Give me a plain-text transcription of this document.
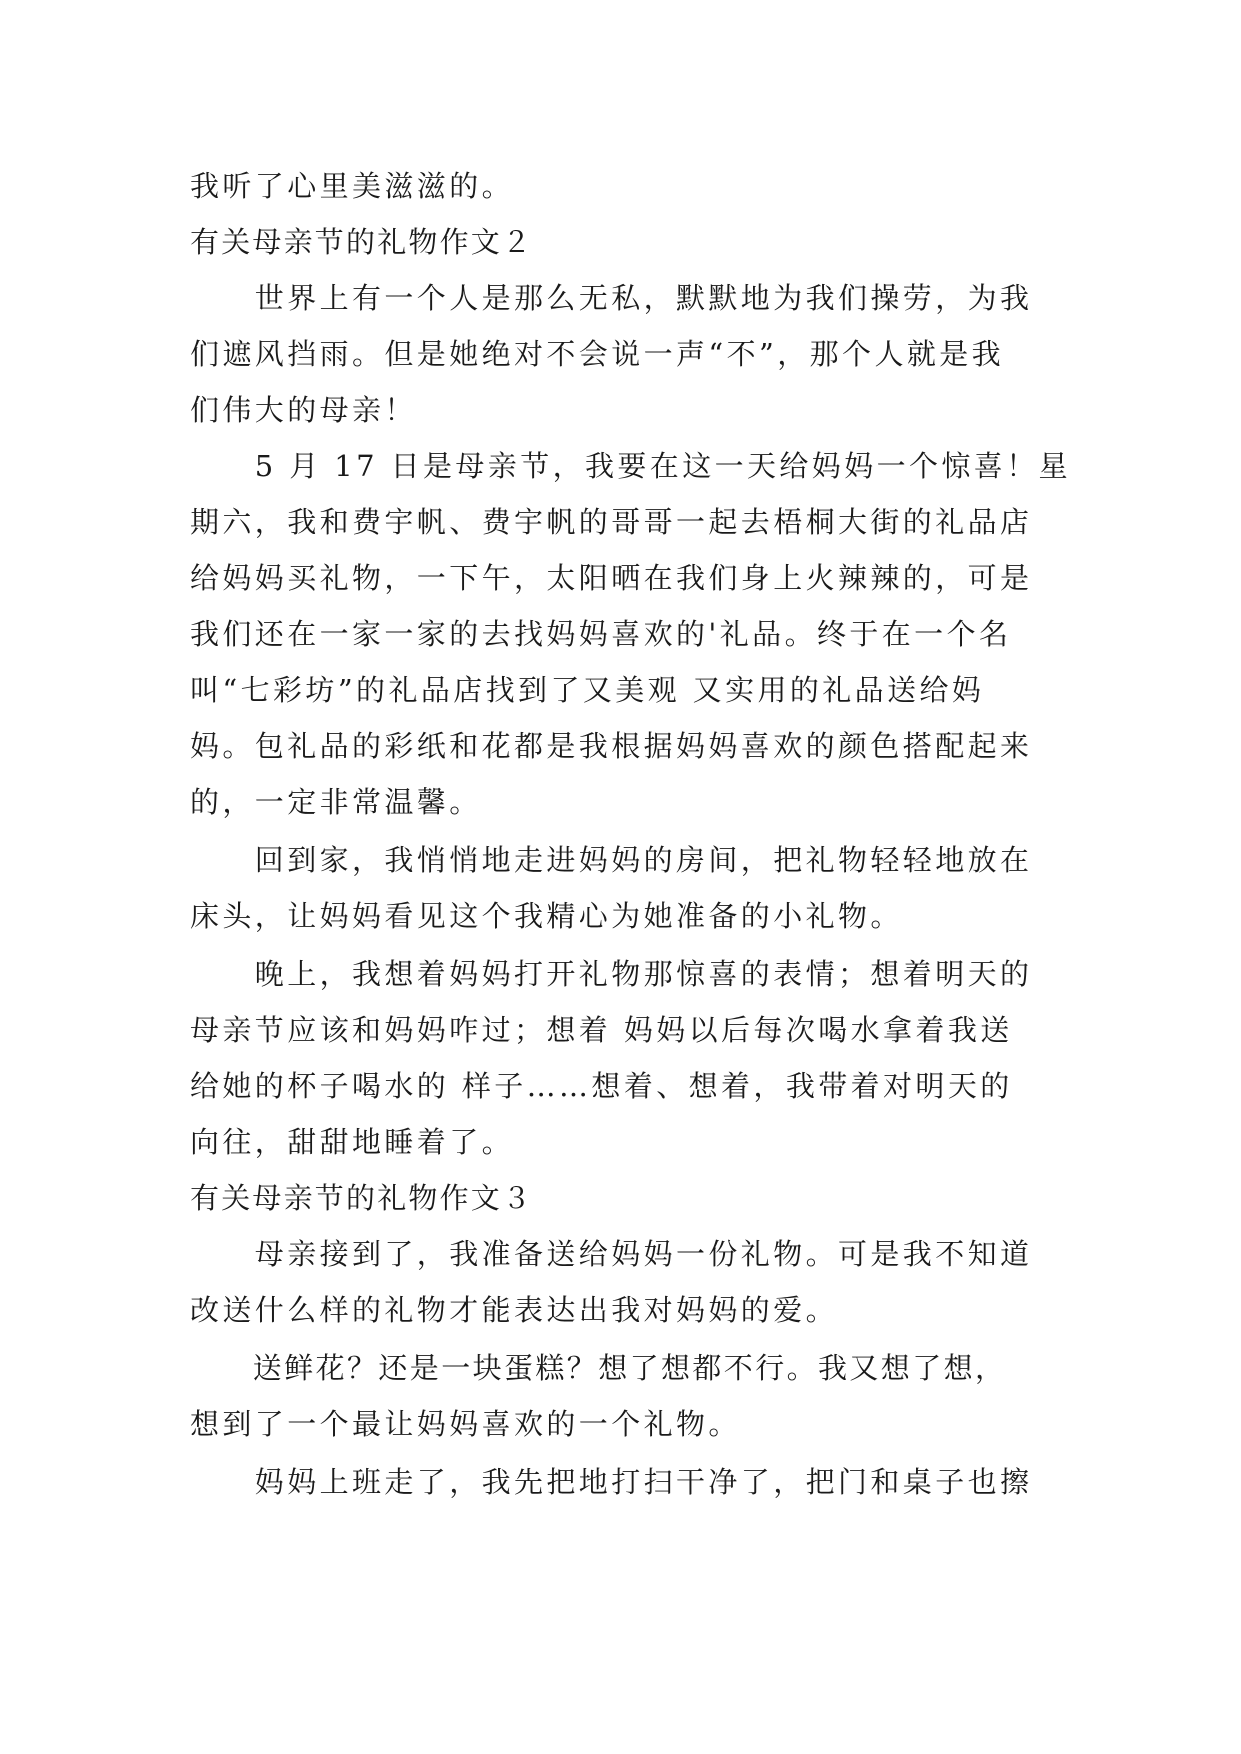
我听了心里美滋滋的。
有关母亲节的礼物作文２
　　世界上有一个人是那么无私，默默地为我们操劳，为我
们遮风挡雨。但是她绝对不会说一声“不”，那个人就是我
们伟大的母亲！
　　5 月 17 日是母亲节，我要在这一天给妈妈一个惊喜！星
期六，我和费宇帆、费宇帆的哥哥一起去梧桐大街的礼品店
给妈妈买礼物，一下午，太阳晒在我们身上火辣辣的，可是
我们还在一家一家的去找妈妈喜欢的'礼品。终于在一个名
叫“七彩坊”的礼品店找到了又美观 又实用的礼品送给妈
妈。包礼品的彩纸和花都是我根据妈妈喜欢的颜色搭配起来
的，一定非常温馨。
　　回到家，我悄悄地走进妈妈的房间，把礼物轻轻地放在
床头，让妈妈看见这个我精心为她准备的小礼物。
　　晚上，我想着妈妈打开礼物那惊喜的表情；想着明天的
母亲节应该和妈妈咋过；想着 妈妈以后每次喝水拿着我送
给她的杯子喝水的 样子……想着、想着，我带着对明天的
向往，甜甜地睡着了。
有关母亲节的礼物作文３
　　母亲接到了，我准备送给妈妈一份礼物。可是我不知道
改送什么样的礼物才能表达出我对妈妈的爱。
　　送鲜花？还是一块蛋糕？想了想都不行。我又想了想，
想到了一个最让妈妈喜欢的一个礼物。
　　妈妈上班走了，我先把地打扫干净了，把门和桌子也擦
